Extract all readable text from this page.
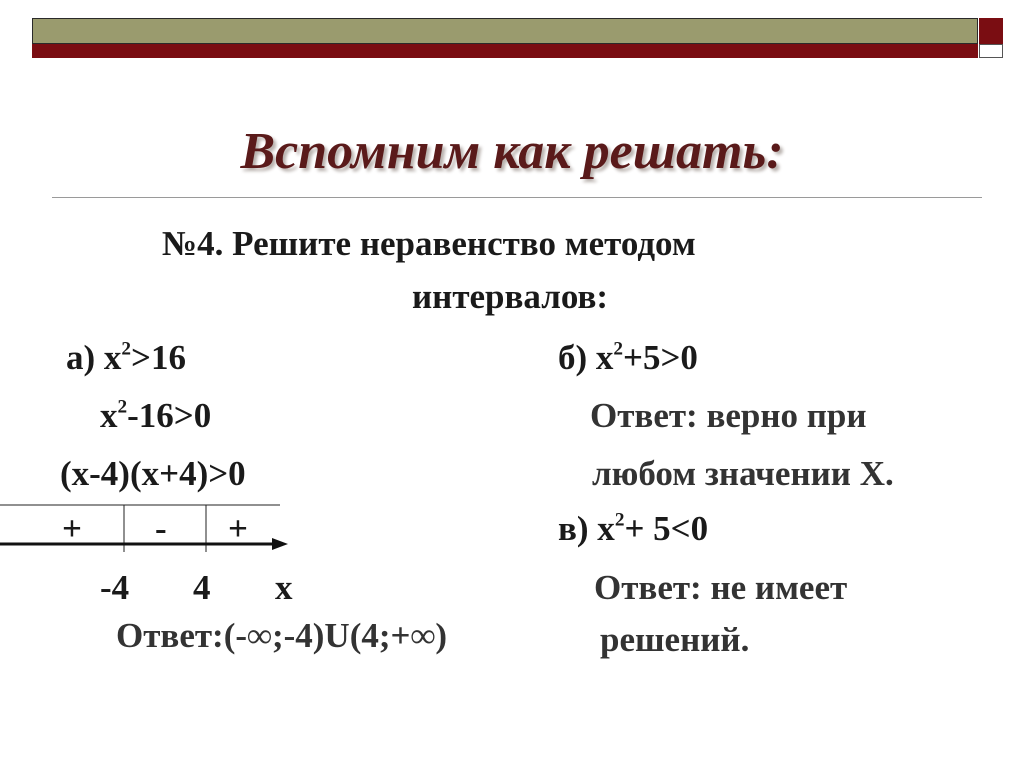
Вспомним как решать:
№4. Решите неравенство методом
интервалов:
а) $x^2>16$
$x^2-16>0$
(x-4)(x+4)>0
+ - +
-4 4 x
Ответ:(-∞;-4)U(4;+∞)
б) $x^2+5>0$
Ответ: верно при
любом значении Х.
в) $x^2+ 5<0$
Ответ: не имеет
решений.
